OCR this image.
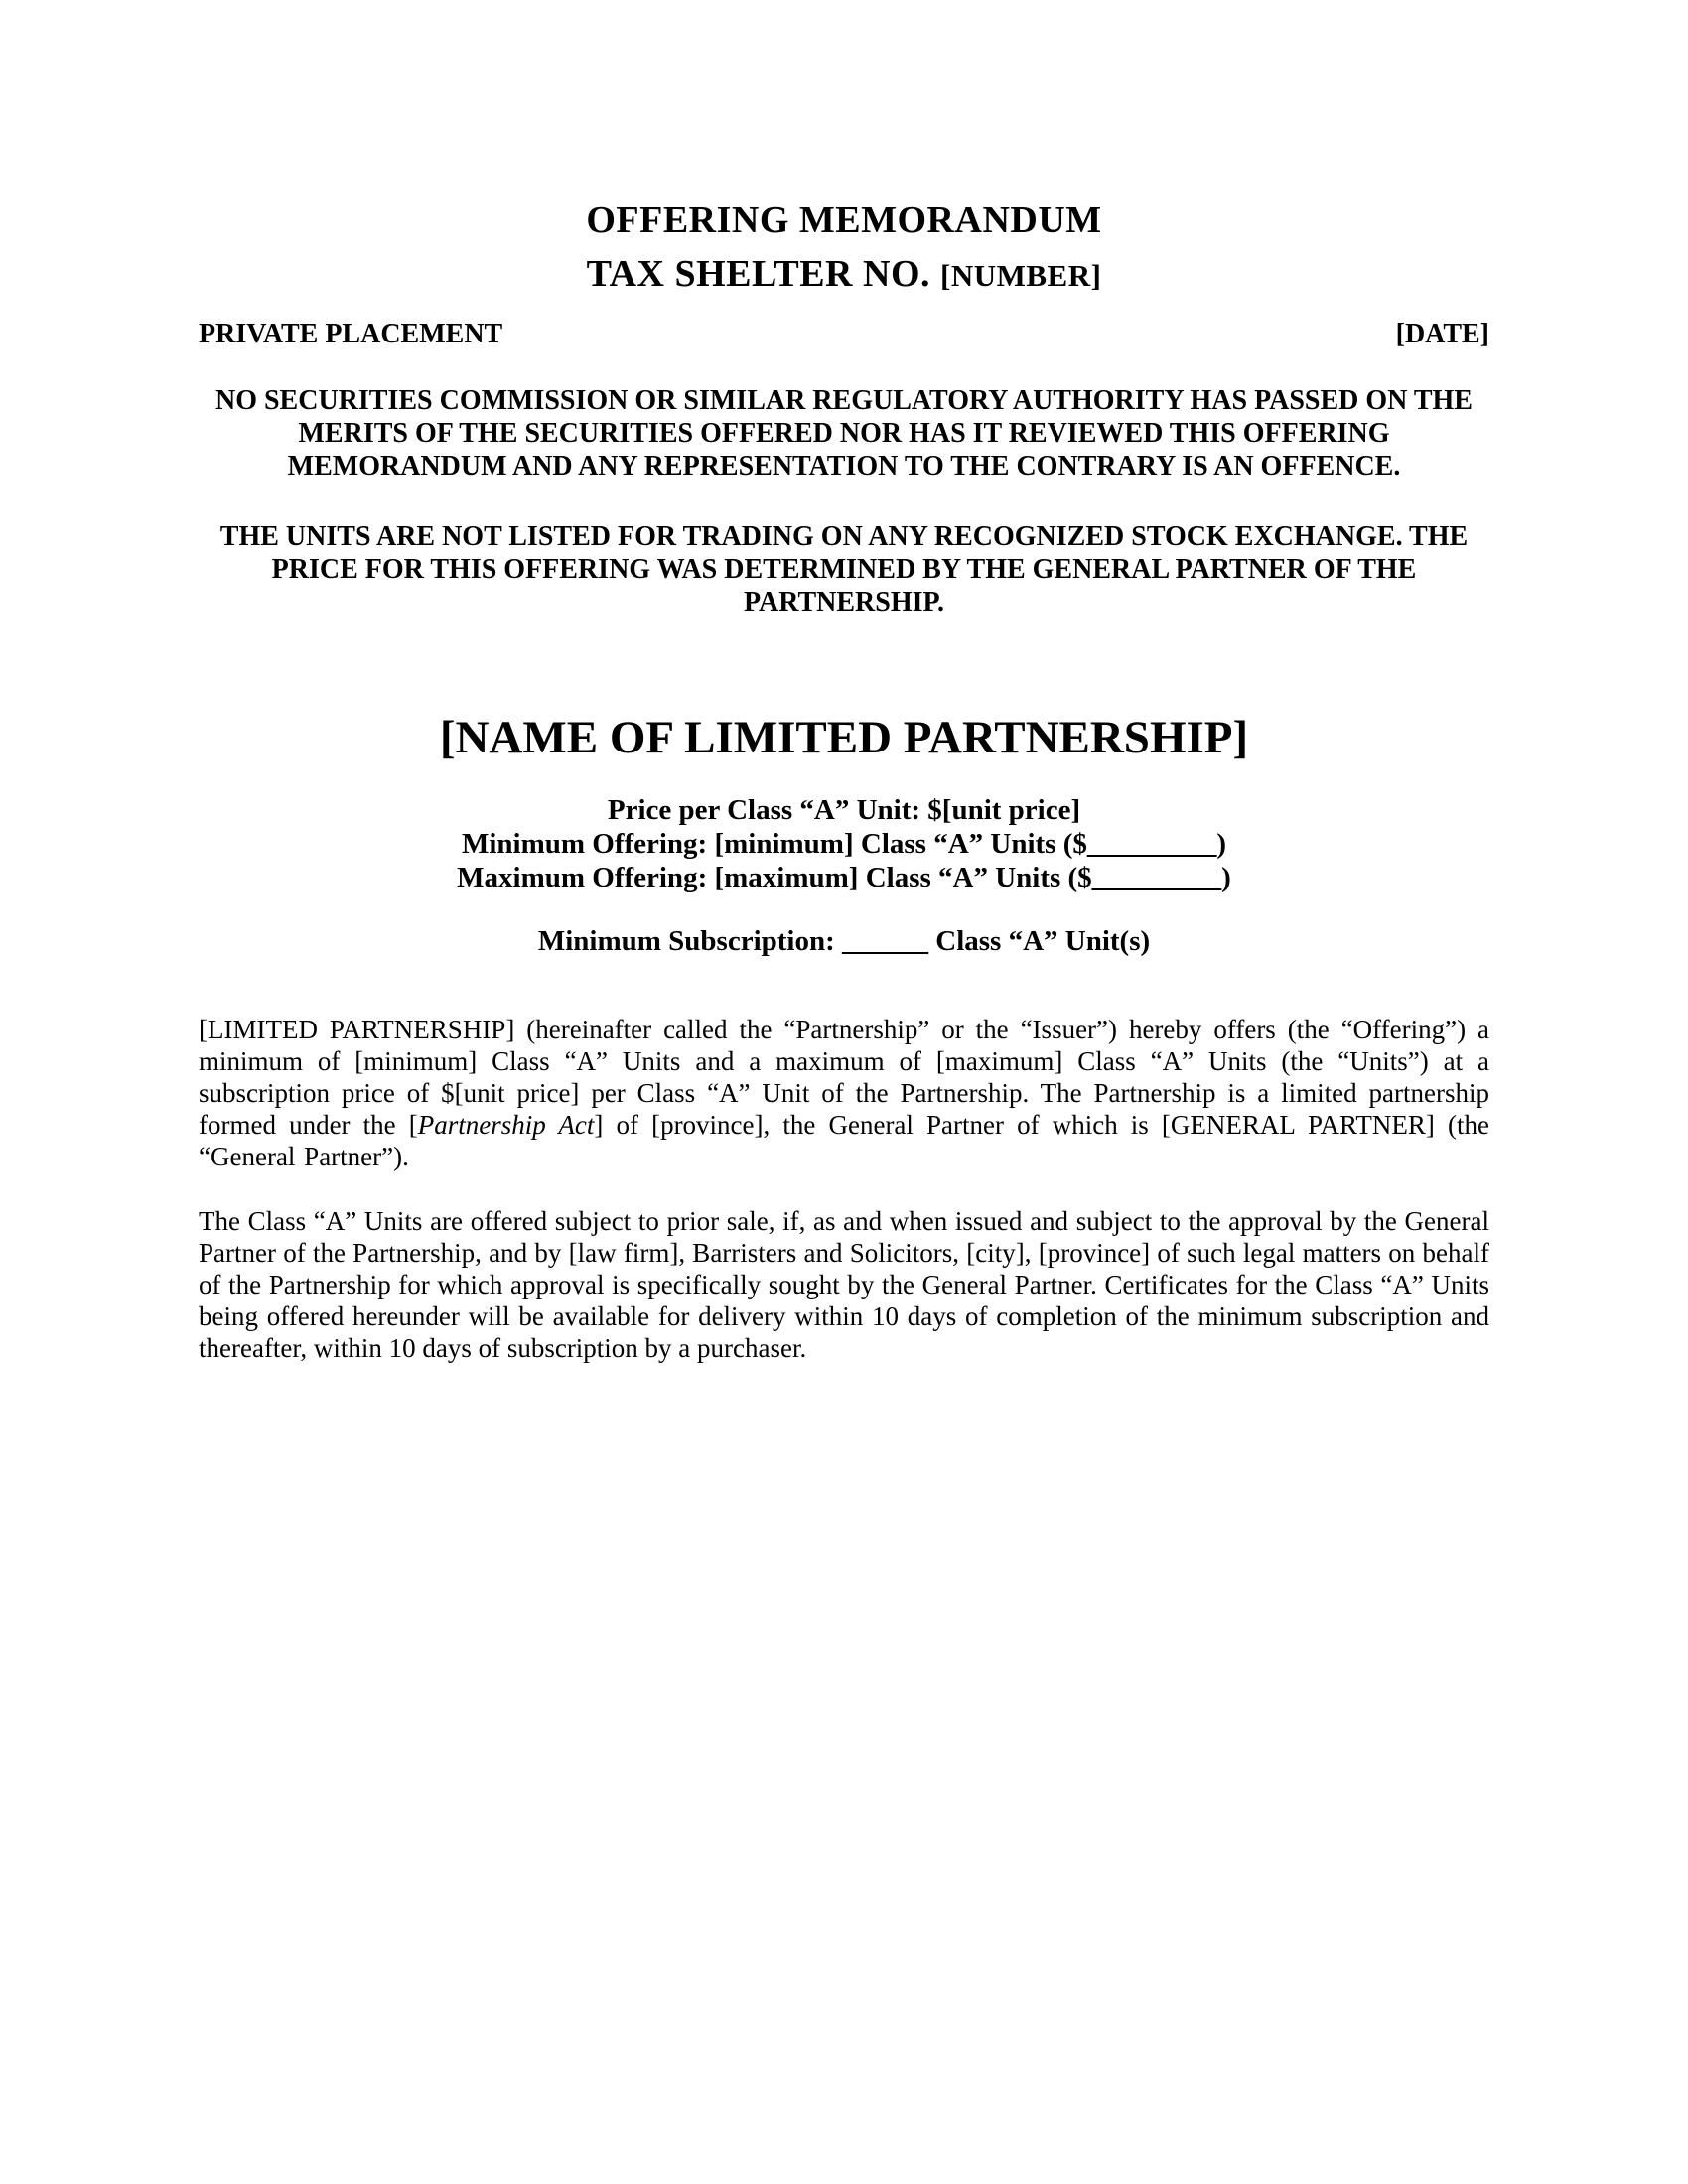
OFFERING MEMORANDUM
TAX SHELTER NO. [NUMBER]
PRIVATE PLACEMENT	[DATE]

NO SECURITIES COMMISSION OR SIMILAR REGULATORY AUTHORITY HAS PASSED ON THE MERITS OF THE SECURITIES OFFERED NOR HAS IT REVIEWED THIS OFFERING MEMORANDUM AND ANY REPRESENTATION TO THE CONTRARY IS AN OFFENCE.

THE UNITS ARE NOT LISTED FOR TRADING ON ANY RECOGNIZED STOCK EXCHANGE. THE PRICE FOR THIS OFFERING WAS DETERMINED BY THE GENERAL PARTNER OF THE PARTNERSHIP.

[NAME OF LIMITED PARTNERSHIP]

Price per Class “A” Unit: $[unit price]

Minimum Offering: [minimum] Class “A” Units ($_________)

Maximum Offering: [maximum] Class “A” Units ($_________)

Minimum Subscription: ______ Class “A” Unit(s)

[LIMITED PARTNERSHIP] (hereinafter called the “Partnership” or the “Issuer”) hereby offers (the “Offering”) a minimum of [minimum] Class “A” Units and a maximum of [maximum] Class “A” Units (the “Units”) at a subscription price of $[unit price] per Class “A” Unit of the Partnership. The Partnership is a limited partnership formed under the [Partnership Act] of [province], the General Partner of which is [GENERAL PARTNER] (the “General Partner”).

The Class “A” Units are offered subject to prior sale, if, as and when issued and subject to the approval by the General Partner of the Partnership, and by [law firm], Barristers and Solicitors, [city], [province] of such legal matters on behalf of the Partnership for which approval is specifically sought by the General Partner. Certificates for the Class “A” Units being offered hereunder will be available for delivery within 10 days of completion of the minimum subscription and thereafter, within 10 days of subscription by a purchaser.
